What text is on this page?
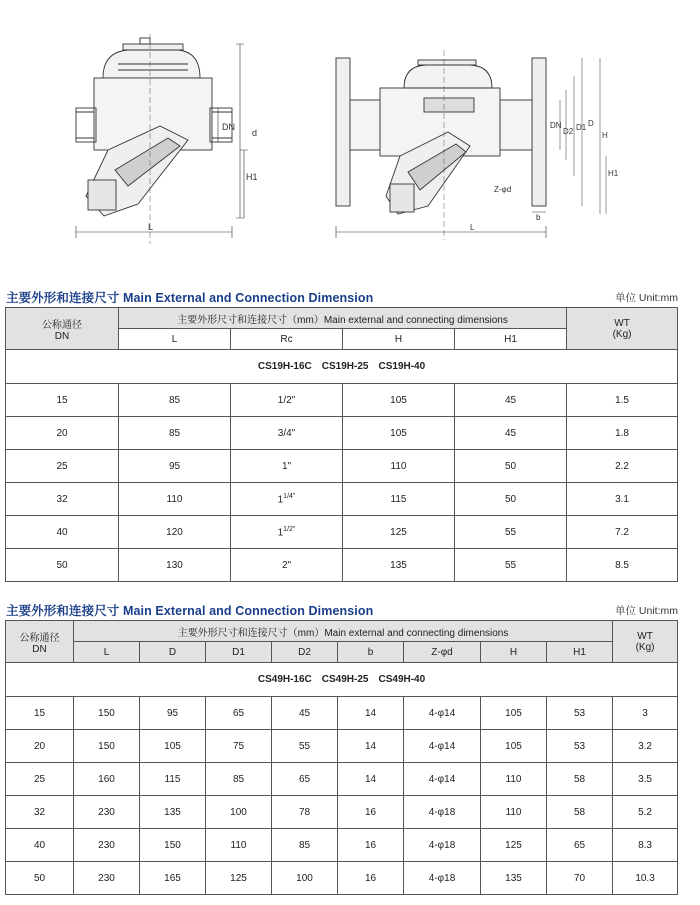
L
DN
d
H1
L
DN
D2 D1 D
H
H1
Z-φd
b
主要外形和连接尺寸 Main External and Connection Dimension	单位 Unit:mm
公称通径
DN	主要外形尺寸和连接尺寸（mm）Main external and connecting dimensions				WT
(Kg)
	L	Rc	H	H1	
CS19H-16C CS19H-25 CS19H-40					
15	85	1/2"	105	45	1.5
20	85	3/4"	105	45	1.8
25	95	1"	110	50	2.2
32	110	$1^{1/4"}$	115	50	3.1
40	120	$1^{1/2"}$	125	55	7.2
50	130	2"	135	55	8.5
主要外形和连接尺寸 Main External and Connection Dimension	单位 Unit:mm
公称通径
DN	主要外形尺寸和连接尺寸（mm）Main external and connecting dimensions								WT
(Kg)
	L	D	D1	D2	b	Z-φd	H	H1	
CS49H-16C CS49H-25 CS49H-40									
15	150	95	65	45	14	4-φ14	105	53	3
20	150	105	75	55	14	4-φ14	105	53	3.2
25	160	115	85	65	14	4-φ14	110	58	3.5
32	230	135	100	78	16	4-φ18	110	58	5.2
40	230	150	110	85	16	4-φ18	125	65	8.3
50	230	165	125	100	16	4-φ18	135	70	10.3
